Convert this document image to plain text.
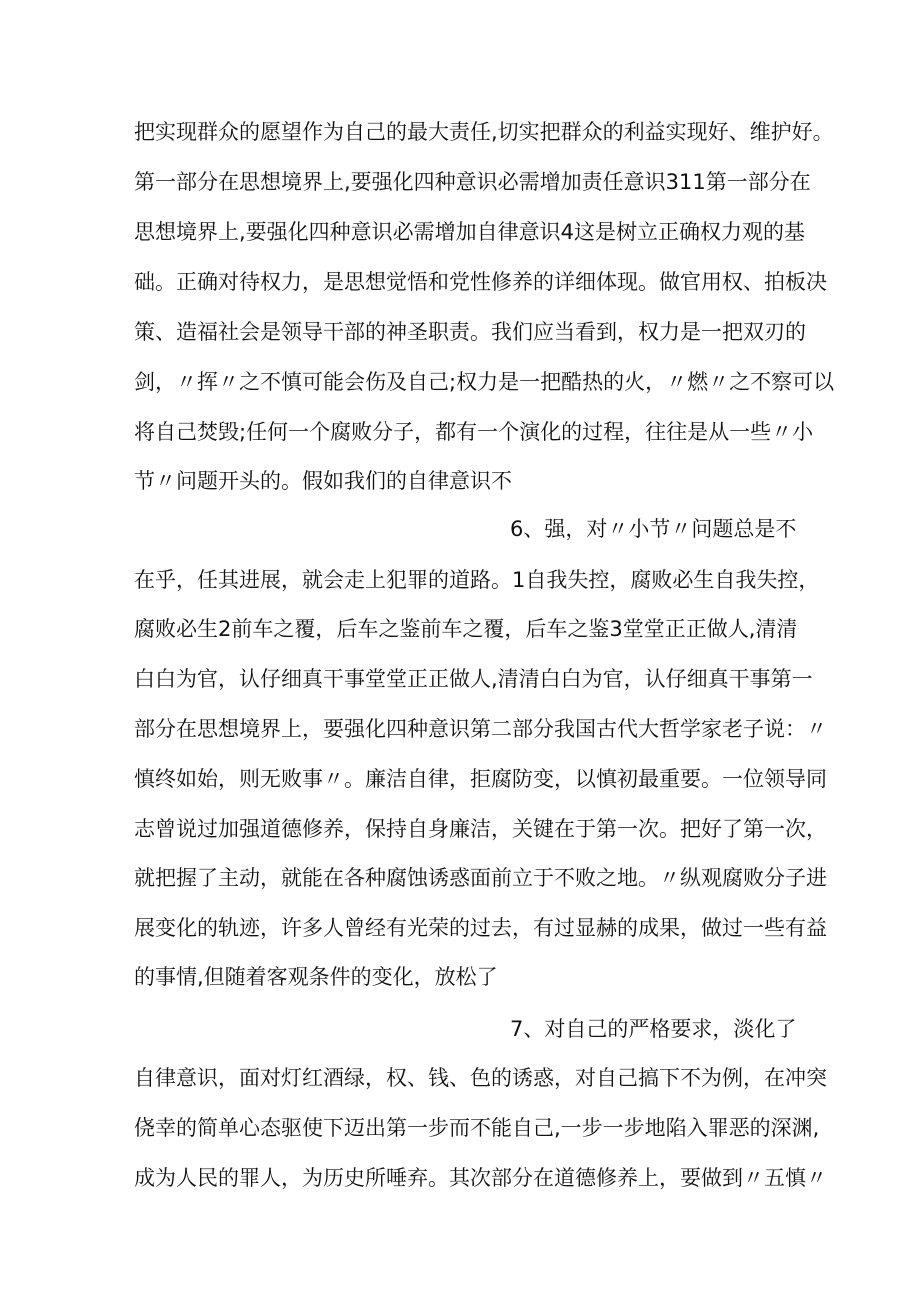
把实现群众的愿望作为自己的最大责任,切实把群众的利益实现好、维护好。
第一部分在思想境界上,要强化四种意识必需增加责任意识311第一部分在
思想境界上,要强化四种意识必需增加自律意识4这是树立正确权力观的基
础。正确对待权力，是思想觉悟和党性修养的详细体现。做官用权、拍板决
策、造福社会是领导干部的神圣职责。我们应当看到，权力是一把双刃的
剑，〃挥〃之不慎可能会伤及自己;权力是一把酷热的火，〃燃〃之不察可以
将自己焚毁;任何一个腐败分子，都有一个演化的过程，往往是从一些〃小
节〃问题开头的。假如我们的自律意识不
6、强，对〃小节〃问题总是不
在乎，任其进展，就会走上犯罪的道路。1自我失控，腐败必生自我失控，
腐败必生2前车之覆，后车之鉴前车之覆，后车之鉴3堂堂正正做人,清清
白白为官，认仔细真干事堂堂正正做人,清清白白为官，认仔细真干事第一
部分在思想境界上，要强化四种意识第二部分我国古代大哲学家老子说：〃
慎终如始，则无败事〃。廉洁自律，拒腐防变，以慎初最重要。一位领导同
志曾说过加强道德修养，保持自身廉洁，关键在于第一次。把好了第一次，
就把握了主动，就能在各种腐蚀诱惑面前立于不败之地。〃纵观腐败分子进
展变化的轨迹，许多人曾经有光荣的过去，有过显赫的成果，做过一些有益
的事情,但随着客观条件的变化，放松了
7、对自己的严格要求，淡化了
自律意识，面对灯红酒绿，权、钱、色的诱惑，对自己搞下不为例，在冲突
侥幸的简单心态驱使下迈出第一步而不能自己,一步一步地陷入罪恶的深渊,
成为人民的罪人，为历史所唾弃。其次部分在道德修养上，要做到〃五慎〃
